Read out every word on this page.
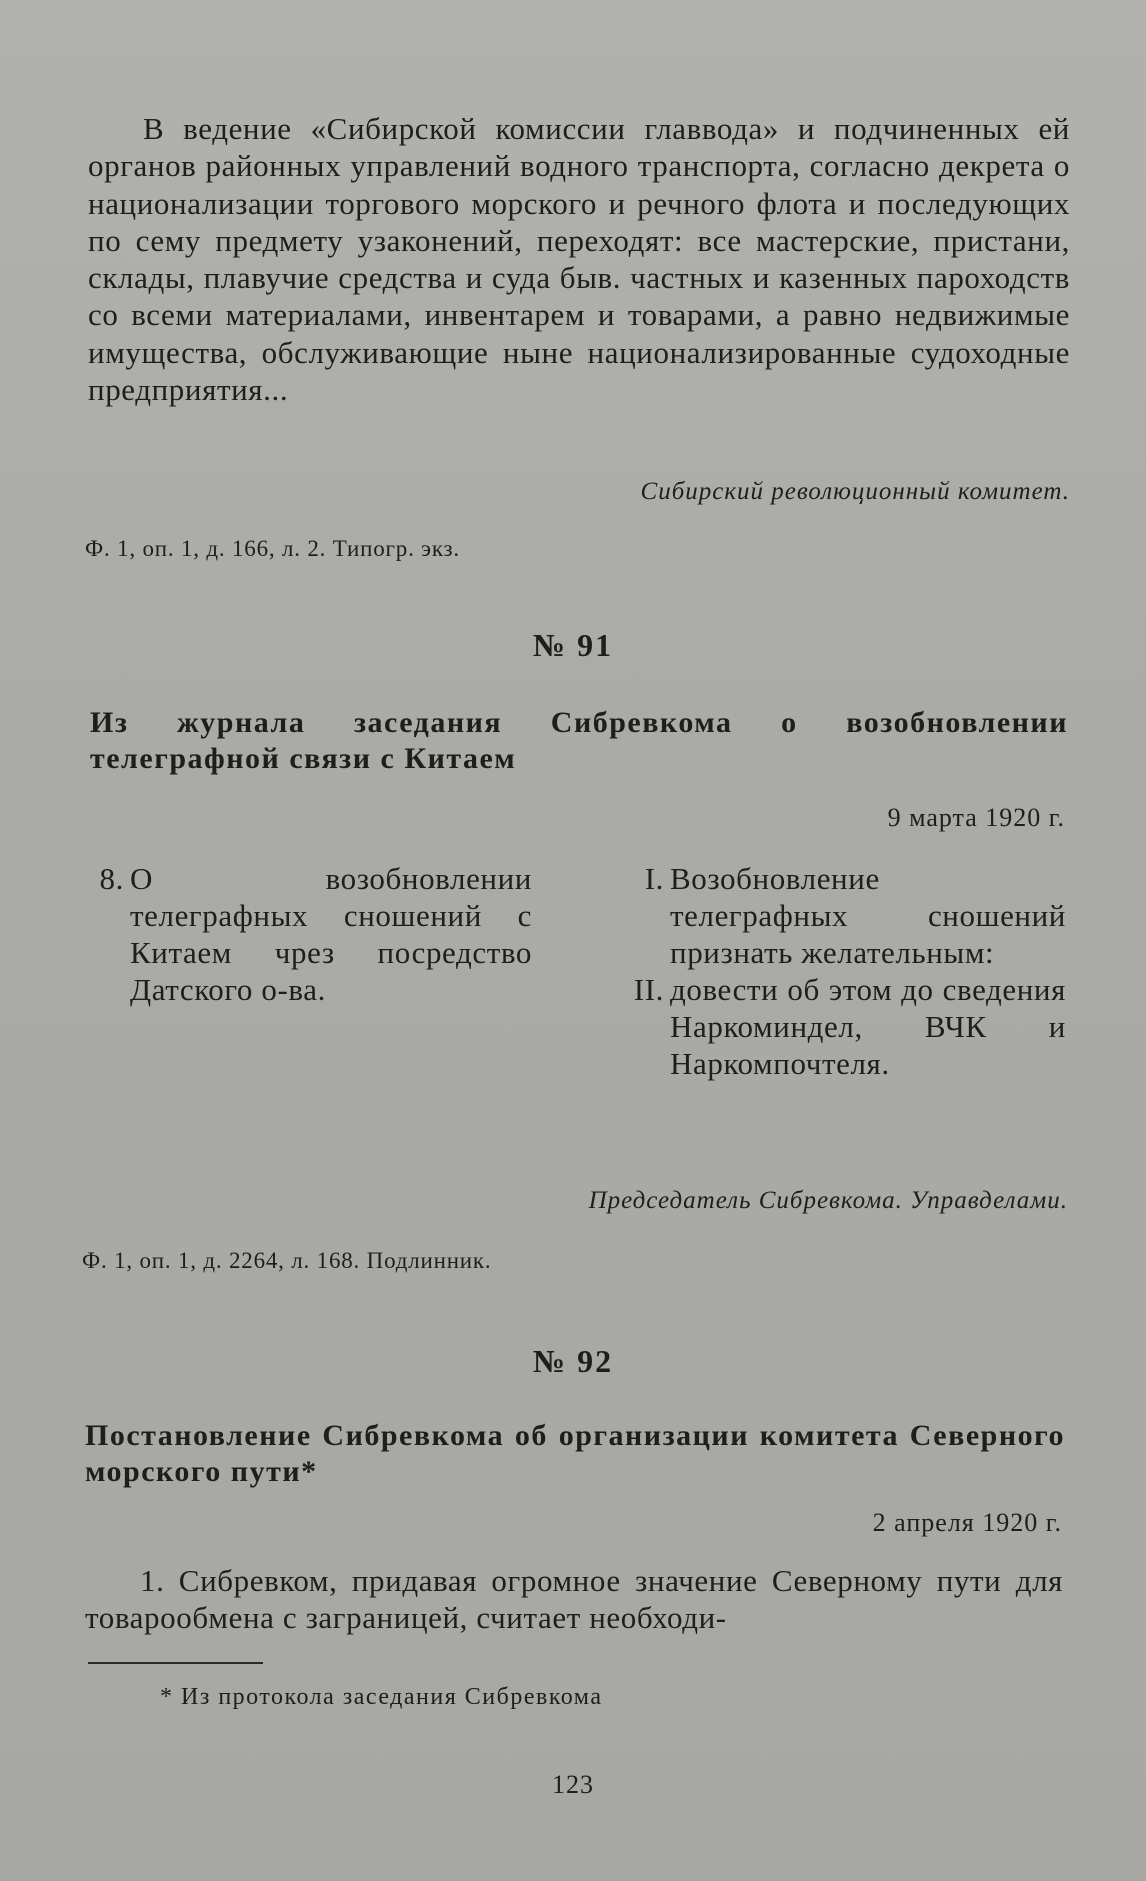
В ведение «Сибирской комиссии главвода» и подчиненных ей органов районных управлений водного транспорта, согласно декрета о национализации торгового морского и речного флота и последующих по сему предмету узаконений, переходят: все мастерские, пристани, склады, плавучие средства и суда быв. частных и казенных пароходств со всеми материалами, инвентарем и товарами, а равно недвижимые имущества, обслуживающие ныне национализированные судоходные предприятия...

Сибирский революционный комитет.
Ф. 1, оп. 1, д. 166, л. 2. Типогр. экз.
№ 91
Из журнала заседания Сибревкома о возобновлении телеграфной связи с Китаем
9 марта 1920 г.
8. О возобновлении телеграфных сношений с Китаем чрез посредство Датского о-ва.
I. Возобновление телеграфных сношений признать желательным:
II. довести об этом до сведения Наркоминдел, ВЧК и Наркомпочтеля.
Председатель Сибревкома. Управделами.
Ф. 1, оп. 1, д. 2264, л. 168. Подлинник.
№ 92
Постановление Сибревкома об организации комитета Северного морского пути*
2 апреля 1920 г.

1. Сибревком, придавая огромное значение Северному пути для товарообмена с заграницей, считает необходи-

* Из протокола заседания Сибревкома
123
